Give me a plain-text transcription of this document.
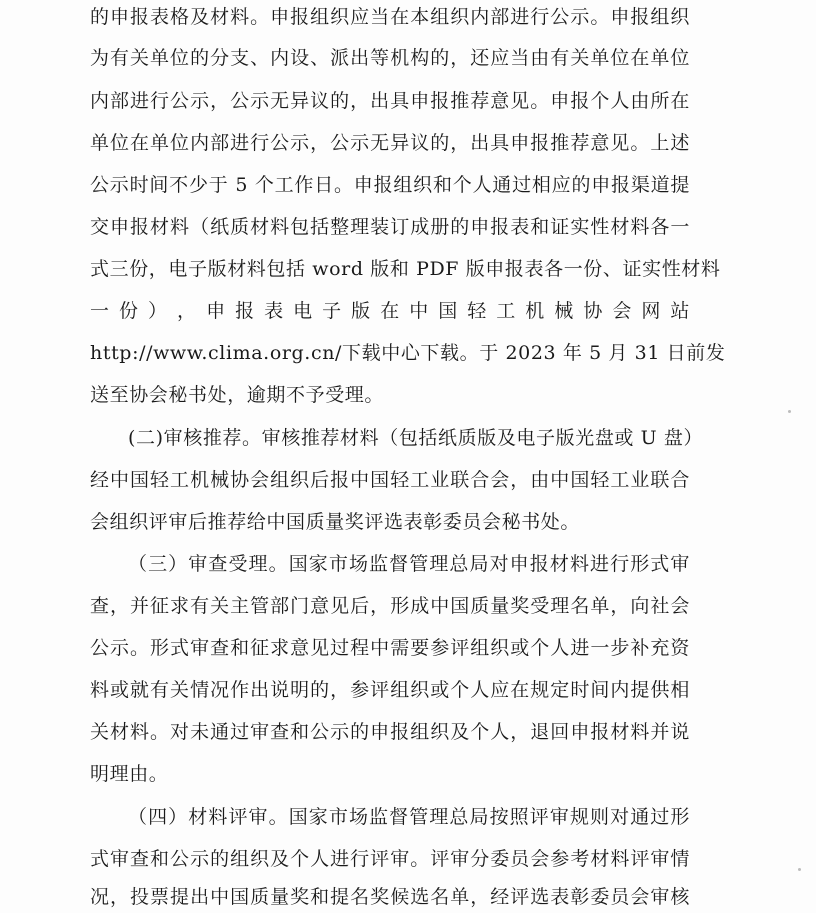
的申报表格及材料。申报组织应当在本组织内部进行公示。申报组织
为有关单位的分支、内设、派出等机构的，还应当由有关单位在单位
内部进行公示，公示无异议的，出具申报推荐意见。申报个人由所在
单位在单位内部进行公示，公示无异议的，出具申报推荐意见。上述
公示时间不少于 5 个工作日。申报组织和个人通过相应的申报渠道提
交申报材料（纸质材料包括整理装订成册的申报表和证实性材料各一
式三份，电子版材料包括 word 版和 PDF 版申报表各一份、证实性材料
一 份 ） ， 申 报 表 电 子 版 在 中 国 轻 工 机 械 协 会 网 站
http://www.clima.org.cn/下载中心下载。于 2023 年 5 月 31 日前发
送至协会秘书处，逾期不予受理。
(二)审核推荐。审核推荐材料（包括纸质版及电子版光盘或 U 盘）
经中国轻工机械协会组织后报中国轻工业联合会，由中国轻工业联合
会组织评审后推荐给中国质量奖评选表彰委员会秘书处。
（三）审查受理。国家市场监督管理总局对申报材料进行形式审
查，并征求有关主管部门意见后，形成中国质量奖受理名单，向社会
公示。形式审查和征求意见过程中需要参评组织或个人进一步补充资
料或就有关情况作出说明的，参评组织或个人应在规定时间内提供相
关材料。对未通过审查和公示的申报组织及个人，退回申报材料并说
明理由。
（四）材料评审。国家市场监督管理总局按照评审规则对通过形
式审查和公示的组织及个人进行评审。评审分委员会参考材料评审情
况，投票提出中国质量奖和提名奖候选名单，经评选表彰委员会审核
